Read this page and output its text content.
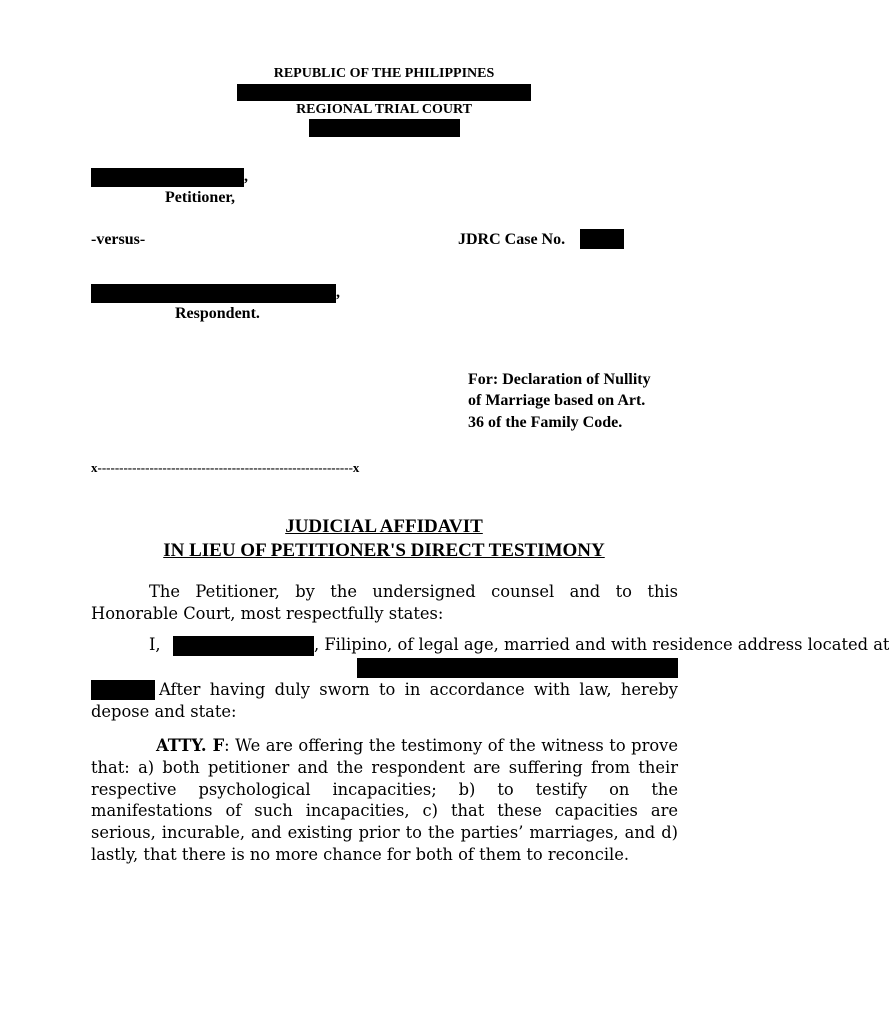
REPUBLIC OF THE PHILIPPINES
REGIONAL TRIAL COURT
,
Petitioner,
-versus-	JDRC Case No.
,
Respondent.
For: Declaration of Nullity
of Marriage based on Art.
36 of the Family Code.
x-----------------------------------------------------------x
JUDICIAL AFFIDAVIT
IN LIEU OF PETITIONER'S DIRECT TESTIMONY
The Petitioner, by the undersigned counsel and to this Honorable Court, most respectfully states:
I,	, Filipino, of legal age, married and with residence address located at
After having duly sworn to in accordance with law, hereby depose and state:
ATTY. F: We are offering the testimony of the witness to prove that: a) both petitioner and the respondent are suffering from their respective psychological incapacities; b) to testify on the manifestations of such incapacities, c) that these capacities are serious, incurable, and existing prior to the parties’ marriages, and d) lastly, that there is no more chance for both of them to reconcile.
